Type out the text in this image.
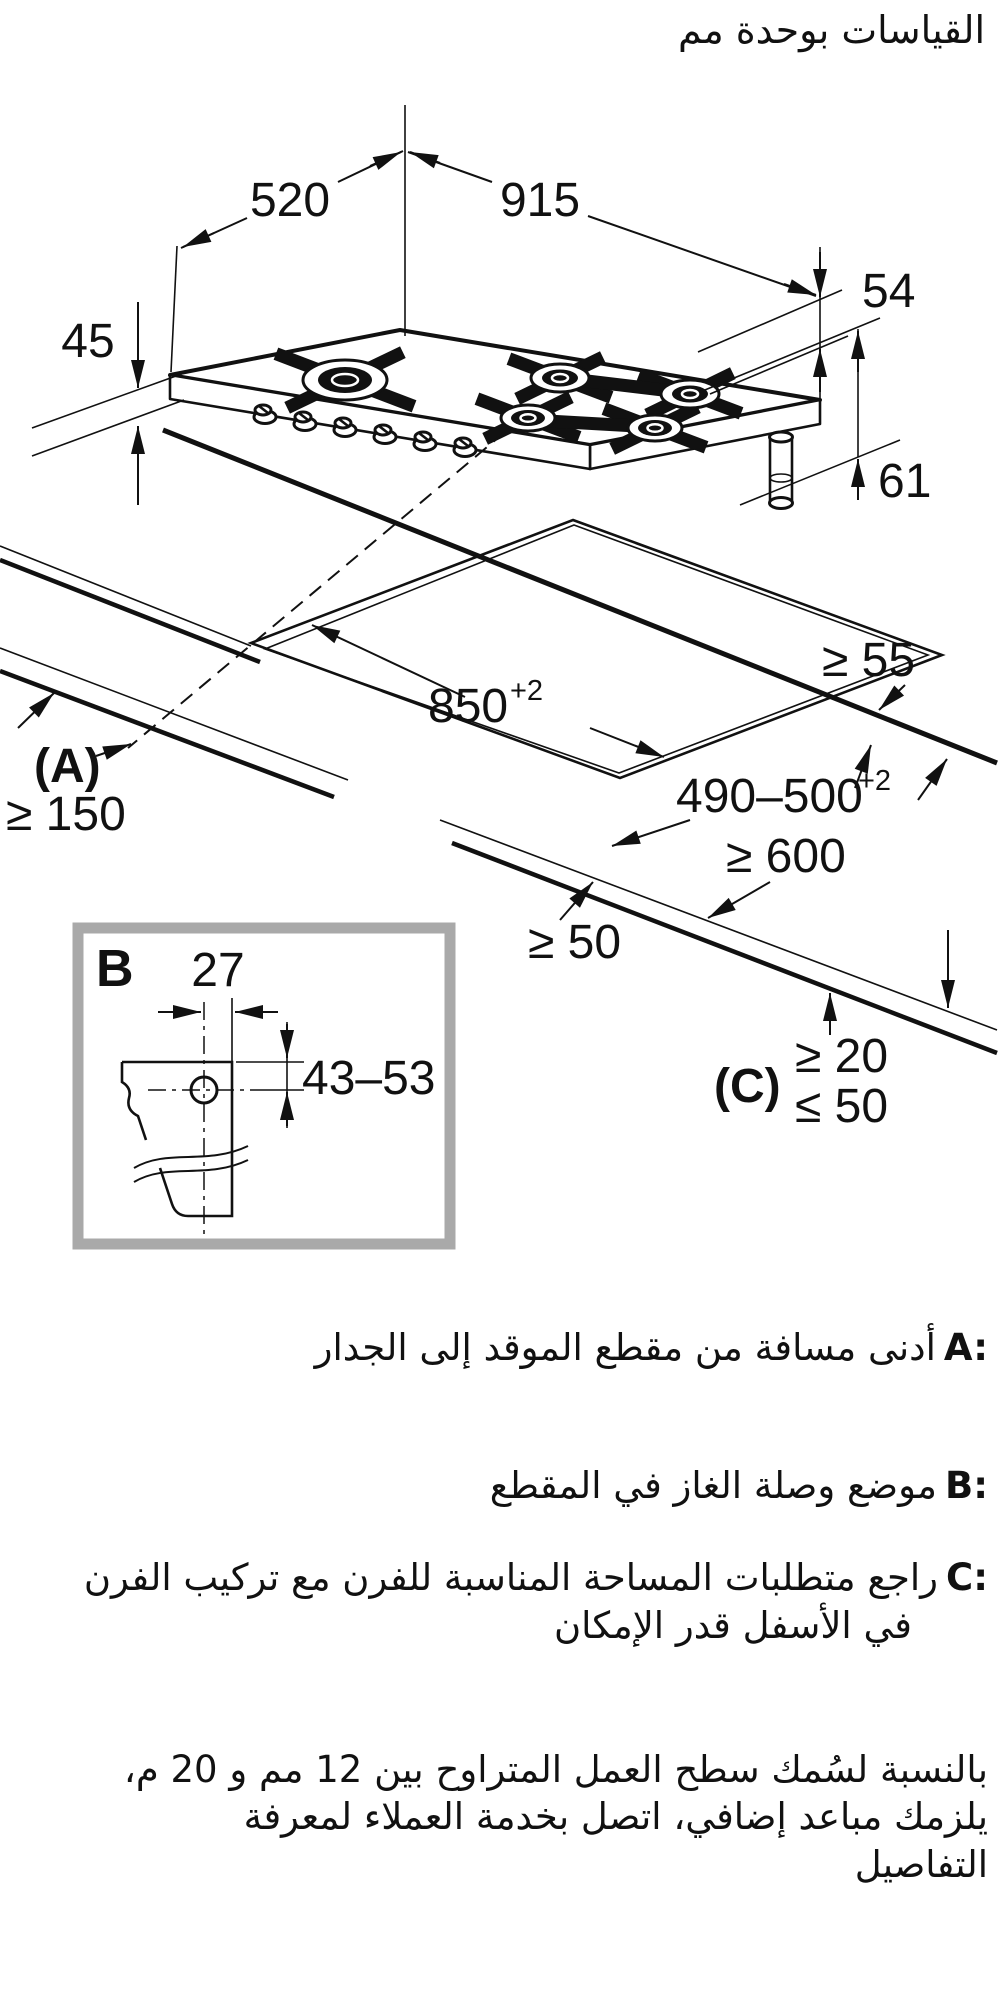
القياسات بوحدة مم
520	915
54
45
61
850 +2
≥ 55
(A)
≥ 150	490–500
+2
≥ 600
≥ 50
(C)
≥ 20
≤ 50
B 27
43–53
A:أدنى مسافة من مقطع الموقد إلى الجدار
B:موضع وصلة الغاز في المقطع
C:راجع متطلبات المساحة المناسبة للفرن مع تركيب الفرن
في الأسفل قدر الإمكان
بالنسبة لسُمك سطح العمل المتراوح بين 12 مم و 20 م،
يلزمك مباعد إضافي، اتصل بخدمة العملاء لمعرفة
التفاصيل
